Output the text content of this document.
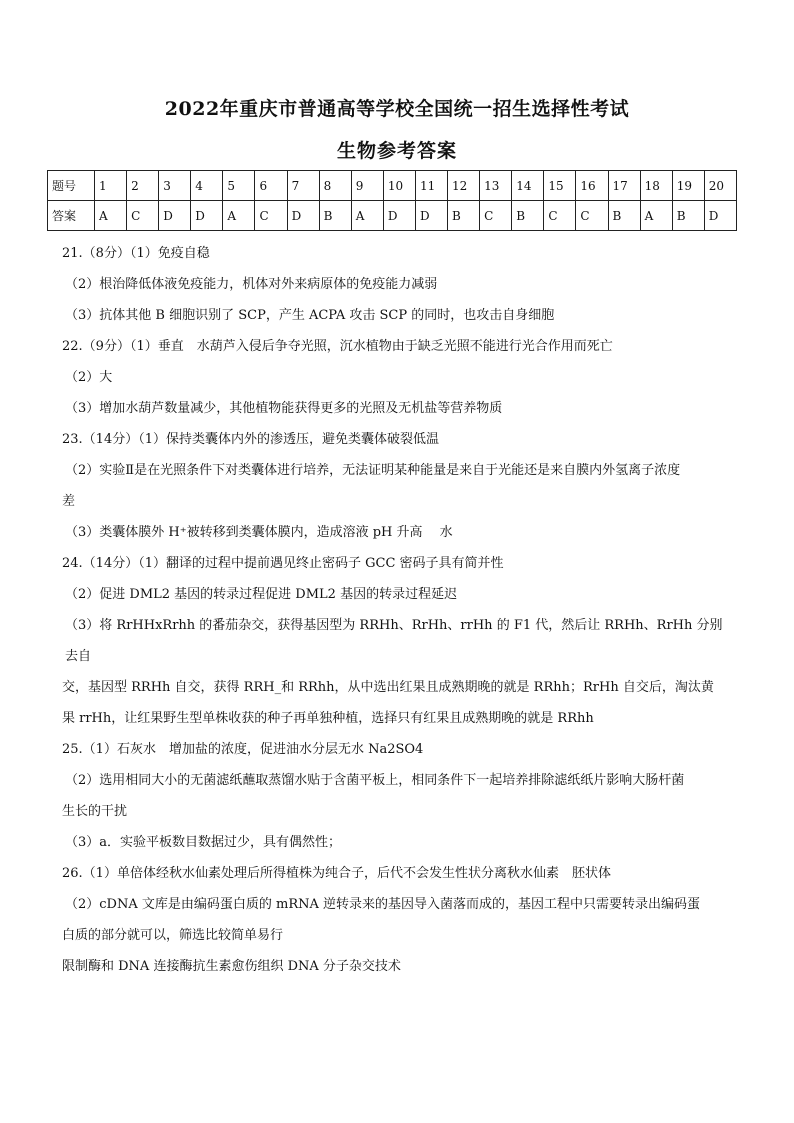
2022年重庆市普通高等学校全国统一招生选择性考试
生物参考答案
题号	1	2	3	4	5	6	7	8	9	10	11	12	13	14	15	16	17	18	19	20
答案	A	C	D	D	A	C	D	B	A	D	D	B	C	B	C	C	B	A	B	D

21.（8分）（1）免疫自稳

（2）根治降低体液免疫能力，机体对外来病原体的免疫能力减弱

（3）抗体其他 B 细胞识别了 SCP，产生 ACPA 攻击 SCP 的同时，也攻击自身细胞

22.（9分）（1）垂直　水葫芦入侵后争夺光照，沉水植物由于缺乏光照不能进行光合作用而死亡

（2）大

（3）增加水葫芦数量减少，其他植物能获得更多的光照及无机盐等营养物质

23.（14分）（1）保持类囊体内外的渗透压，避免类囊体破裂低温

（2）实验Ⅱ是在光照条件下对类囊体进行培养，无法证明某种能量是来自于光能还是来自膜内外氢离子浓度

差

（3）类囊体膜外 H⁺被转移到类囊体膜内，造成溶液 pH 升高　 水

24.（14分）（1）翻译的过程中提前遇见终止密码子 GCC 密码子具有简并性

（2）促进 DML2 基因的转录过程促进 DML2 基因的转录过程延迟

（3）将 RrHHxRrhh 的番茄杂交，获得基因型为 RRHh、RrHh、rrHh 的 F1 代，然后让 RRHh、RrHh 分别去自

交，基因型 RRHh 自交，获得 RRH_和 RRhh，从中选出红果且成熟期晚的就是 RRhh；RrHh 自交后，淘汰黄

果 rrHh，让红果野生型单株收获的种子再单独种植，选择只有红果且成熟期晚的就是 RRhh

25.（1）石灰水　增加盐的浓度，促进油水分层无水 Na2SO4

（2）选用相同大小的无菌滤纸蘸取蒸馏水贴于含菌平板上，相同条件下一起培养排除滤纸纸片影响大肠杆菌

生长的干扰

（3）a．实验平板数目数据过少，具有偶然性；

26.（1）单倍体经秋水仙素处理后所得植株为纯合子，后代不会发生性状分离秋水仙素　胚状体

（2）cDNA 文库是由编码蛋白质的 mRNA 逆转录来的基因导入菌落而成的，基因工程中只需要转录出编码蛋

白质的部分就可以，筛选比较简单易行

限制酶和 DNA 连接酶抗生素愈伤组织 DNA 分子杂交技术
